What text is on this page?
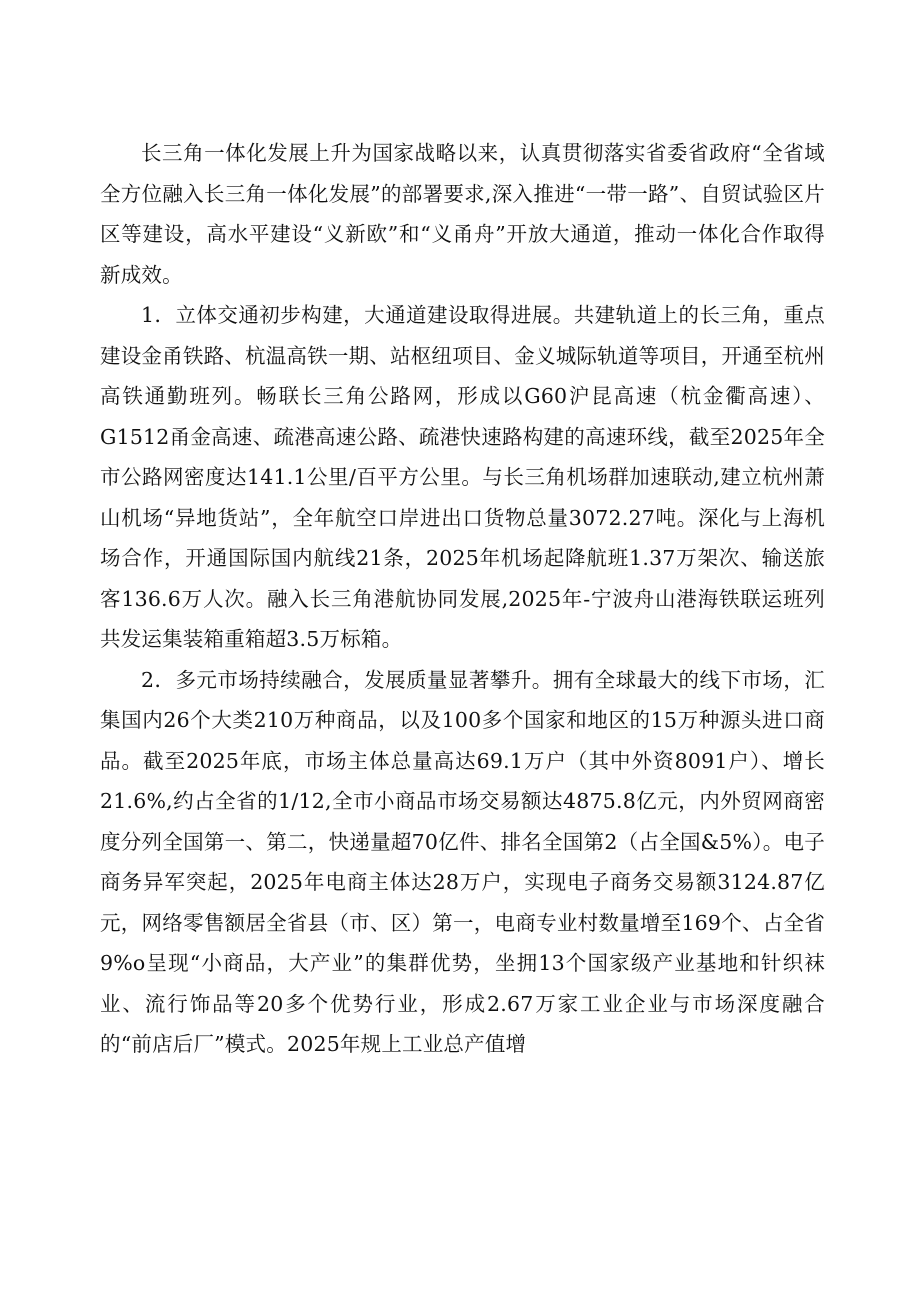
长三角一体化发展上升为国家战略以来，认真贯彻落实省委省政府“全省域全方位融入长三角一体化发展”的部署要求,深入推进“一带一路”、自贸试验区片区等建设，高水平建设“义新欧”和“义甬舟”开放大通道，推动一体化合作取得新成效。

1．立体交通初步构建，大通道建设取得进展。共建轨道上的长三角，重点建设金甬铁路、杭温高铁一期、站枢纽项目、金义城际轨道等项目，开通至杭州高铁通勤班列。畅联长三角公路网，形成以G60沪昆高速（杭金衢高速）、G1512甬金高速、疏港高速公路、疏港快速路构建的高速环线，截至2025年全市公路网密度达141.1公里/百平方公里。与长三角机场群加速联动,建立杭州萧山机场“异地货站”，全年航空口岸进出口货物总量3072.27吨。深化与上海机场合作，开通国际国内航线21条，2025年机场起降航班1.37万架次、输送旅客136.6万人次。融入长三角港航协同发展,2025年-宁波舟山港海铁联运班列共发运集装箱重箱超3.5万标箱。

2．多元市场持续融合，发展质量显著攀升。拥有全球最大的线下市场，汇集国内26个大类210万种商品，以及100多个国家和地区的15万种源头进口商品。截至2025年底，市场主体总量高达69.1万户（其中外资8091户）、增长21.6%,约占全省的1/12,全市小商品市场交易额达4875.8亿元，内外贸网商密度分列全国第一、第二，快递量超70亿件、排名全国第2（占全国&5%）。电子商务异军突起，2025年电商主体达28万户，实现电子商务交易额3124.87亿元，网络零售额居全省县（市、区）第一，电商专业村数量增至169个、占全省9%o呈现“小商品，大产业”的集群优势，坐拥13个国家级产业基地和针织袜业、流行饰品等20多个优势行业，形成2.67万家工业企业与市场深度融合的“前店后厂”模式。2025年规上工业总产值增
